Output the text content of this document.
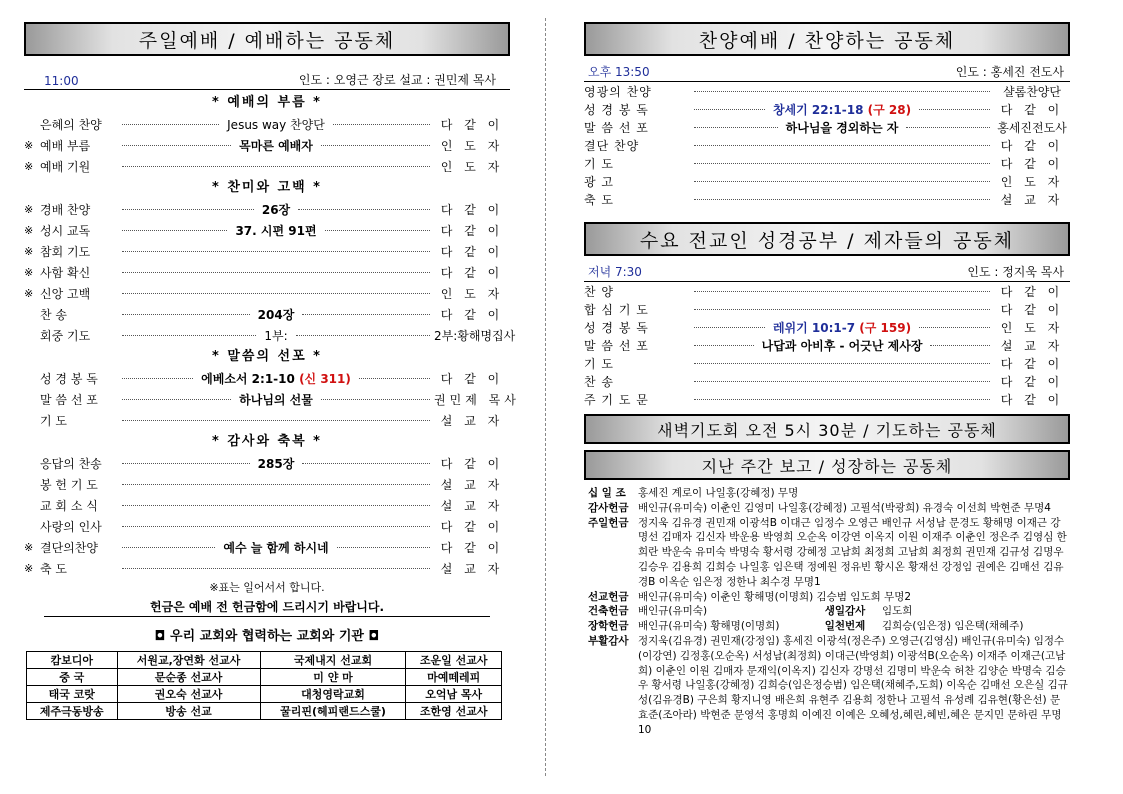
주일예배 / 예배하는 공동체
11:00	인도 : 오영근 장로 설교 : 권민제 목사
* 예배의 부름 *
은혜의 찬양	Jesus way 찬양단	다 같 이
※ 예배 부름	목마른 예배자	인 도 자
※ 예배 기원	인 도 자
* 찬미와 고백 *
※ 경배 찬양	26장	다 같 이
※ 성시 교독	37. 시편 91편	다 같 이
※ 참회 기도	다 같 이
※ 사함 확신	다 같 이
※ 신앙 고백	인 도 자
찬 송	204장	다 같 이
회중 기도	1부:	2부:황해명집사
* 말씀의 선포 *
성 경 봉 독	에베소서 2:1-10 (신 311)	다 같 이
말 씀 선 포	하나님의 선물	권민제 목사
기 도	설 교 자
* 감사와 축복 *
응답의 찬송	285장	다 같 이
봉 헌 기 도	설 교 자
교 회 소 식	설 교 자
사랑의 인사	다 같 이
※ 결단의찬양	예수 늘 함께 하시네	다 같 이
※ 축 도	설 교 자
※표는 일어서서 합니다.
헌금은 예배 전 헌금함에 드리시기 바랍니다.
◘ 우리 교회와 협력하는 교회와 기관 ◘
캄보디아	서원교,장연화 선교사	국제내지 선교회	조운일 선교사
중 국	문순종 선교사	미 얀 마	마예떼레피
태국 코랏	권오숙 선교사	대청영락교회	오억남 목사
제주극동방송	방송 선교	꿀리핀(헤피랜드스쿨)	조한영 선교사
찬양예배 / 찬양하는 공동체
오후 13:50	인도 : 홍세진 전도사
영광의 찬양	샬롬찬양단
성 경 봉 독	창세기 22:1-18 (구 28)	다 같 이
말 씀 선 포	하나님을 경외하는 자	홍세진전도사
결단 찬양	다 같 이
기 도	다 같 이
광 고	인 도 자
축 도	설 교 자
수요 전교인 성경공부 / 제자들의 공동체
저녁 7:30	인도 : 정지욱 목사
찬 양	다 같 이
합 심 기 도	다 같 이
성 경 봉 독	레위기 10:1-7 (구 159)	인 도 자
말 씀 선 포	나답과 아비후 - 어긋난 제사장	설 교 자
기 도	다 같 이
찬 송	다 같 이
주 기 도 문	다 같 이
새벽기도회 오전 5시 30분 / 기도하는 공동체
지난 주간 보고 / 성장하는 공동체
십 일 조	홍세진 계로이 나일홍(강혜정) 무명
감사헌금 배인규(유미숙) 이춘인 김영미 나일홍(강혜정) 고필석(박광희) 유경숙 이선희 박현준 무명4
주일헌금 정지욱 김유경 권민재 이광석B 이대근 임정수 오영근 배인규 서성남 문경도 황해명 이재근 강명선 김매자 김신자 박운용 박영희 오순옥 이강연 이옥지 이원 이재주 이춘인 정은주 김영심 한희란 박운숙 유미숙 박명숙 황서령 강혜정 고남희 최정희 고남희 최정희 권민재 김규성 김명우 김승우 김용희 김희승 나일홍 임은택 정예원 정유빈 황시온 황재선 강정임 권예은 김매선 김유경B 이옥순 임은정 정한나 최수경 무명1
선교헌금 배인규(유미숙) 이춘인 황해명(이명희) 김승범 임도희 무명2
건축헌금 배인규(유미숙)	생일감사	임도희
장학헌금 배인규(유미숙) 황해명(이명희)	일천번제	김희승(임은정) 임은택(채혜주)
부활감사 정지욱(김유경) 권민재(강정임) 홍세진 이광석(정은주) 오영근(김영심) 배인규(유미숙) 임정수(이강연) 김정홍(오순옥) 서성남(최정희) 이대근(박영희) 이광석B(오순옥) 이재주 이재근(고남희) 이춘인 이원 김매자 문재익(이옥지) 김신자 강명선 김명미 박운숙 허찬 김양순 박명숙 김승우 황서령 나일홍(강혜정) 김희승(임은정승범) 임은택(채혜주,도희) 이옥순 김매선 오은실 김규성(김유경B) 구은희 황지니영 배은희 유현주 김용희 정한나 고필석 유성례 김유현(황은선) 문효준(조아라) 박현준 문영석 홍명희 이예진 이예은 오혜성,혜린,혜빈,혜은 문지민 문하린 무명10
